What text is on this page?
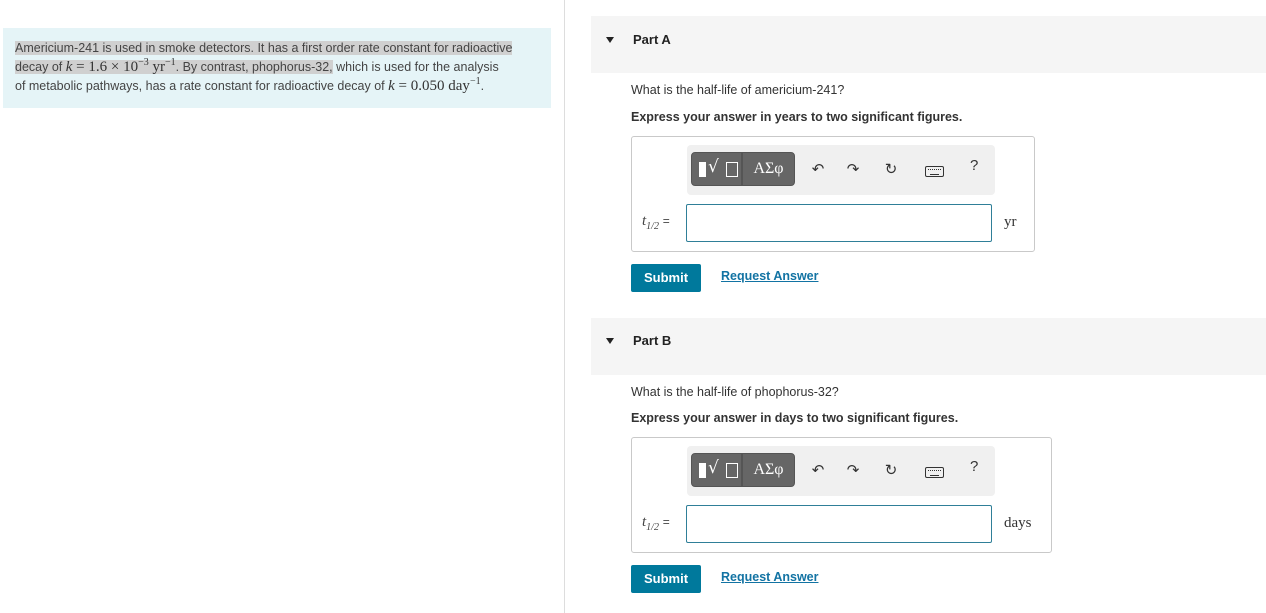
Americium-241 is used in smoke detectors. It has a first order rate constant for radioactive
decay of $k = 1.6 \times 10^{-3}$ $yr^{-1}$. By contrast, phophorus-32, which is used for the analysis
of metabolic pathways, has a rate constant for radioactive decay of k = 0.050 day$^{-1}$.
Part A
What is the half-life of americium-241?
Express your answer in years to two significant figures.
√	ΑΣφ	↶	↷	↻	?
$t_{1/2}$ =	yr
Submit	Request Answer
Part B
What is the half-life of phophorus-32?
Express your answer in days to two significant figures.
√	ΑΣφ	↶	↷	↻	?
$t_{1/2}$ =	days
Submit	Request Answer
